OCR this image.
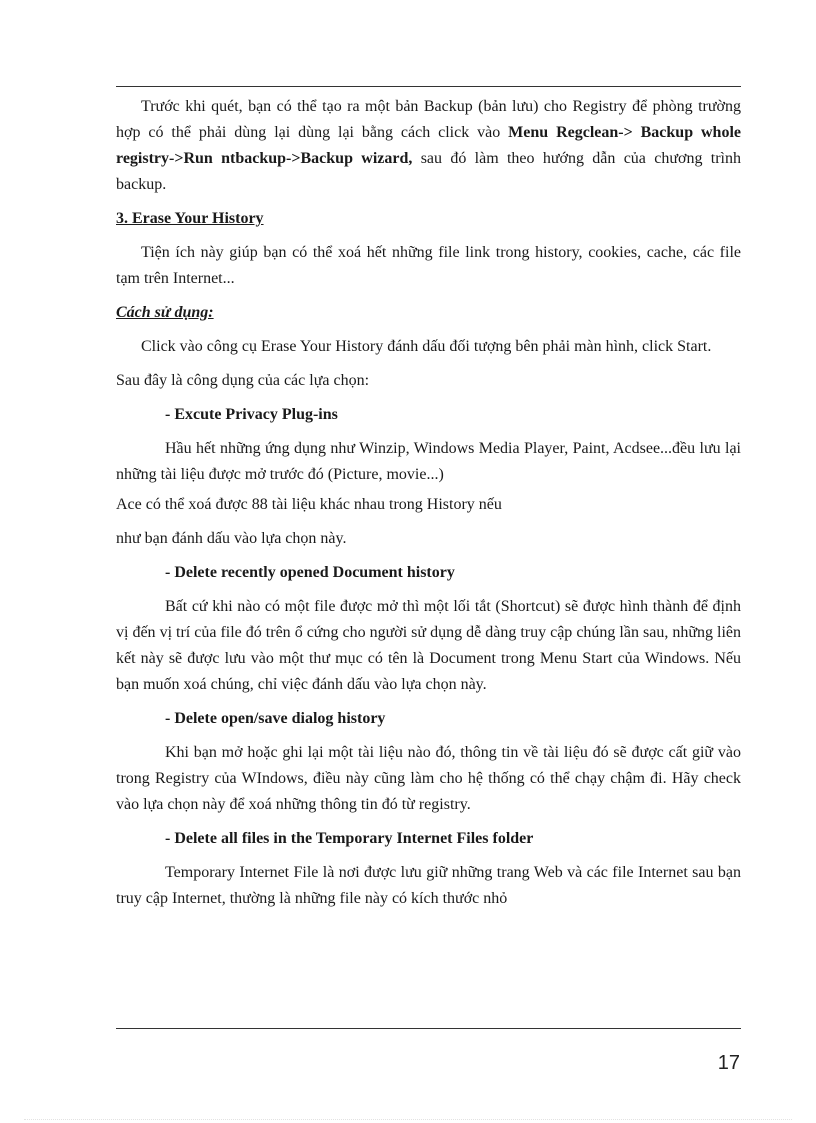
Trước khi quét, bạn có thể tạo ra một bản Backup (bản lưu) cho Registry để phòng trường hợp có thể phải dùng lại dùng lại bằng cách click vào Menu Regclean-> Backup whole registry->Run ntbackup->Backup wizard, sau đó làm theo hướng dẫn của chương trình backup.

3. Erase Your History

Tiện ích này giúp bạn có thể xoá hết những file link trong history, cookies, cache, các file tạm trên Internet...

Cách sử dụng:

Click vào công cụ Erase Your History đánh dấu đối tượng bên phải màn hình, click Start.

Sau đây là công dụng của các lựa chọn:

- Excute Privacy Plug-ins

Hầu hết những ứng dụng như Winzip, Windows Media Player, Paint, Acdsee...đều lưu lại những tài liệu được mở trước đó (Picture, movie...)

Ace có thể xoá được 88 tài liệu khác nhau trong History nếu

như bạn đánh dấu vào lựa chọn này.

- Delete recently opened Document history

Bất cứ khi nào có một file được mở thì một lối tắt (Shortcut) sẽ được hình thành để định vị đến vị trí của file đó trên ổ cứng cho người sử dụng dễ dàng truy cập chúng lần sau, những liên kết này sẽ được lưu vào một thư mục có tên là Document trong Menu Start của Windows. Nếu bạn muốn xoá chúng, chỉ việc đánh dấu vào lựa chọn này.

- Delete open/save dialog history

Khi bạn mở hoặc ghi lại một tài liệu nào đó, thông tin về tài liệu đó sẽ được cất giữ vào trong Registry của WIndows, điều này cũng làm cho hệ thống có thể chạy chậm đi. Hãy check vào lựa chọn này để xoá những thông tin đó từ registry.

- Delete all files in the Temporary Internet Files folder

Temporary Internet File là nơi được lưu giữ những trang Web và các file Internet sau bạn truy cập Internet, thường là những file này có kích thước nhỏ

17
